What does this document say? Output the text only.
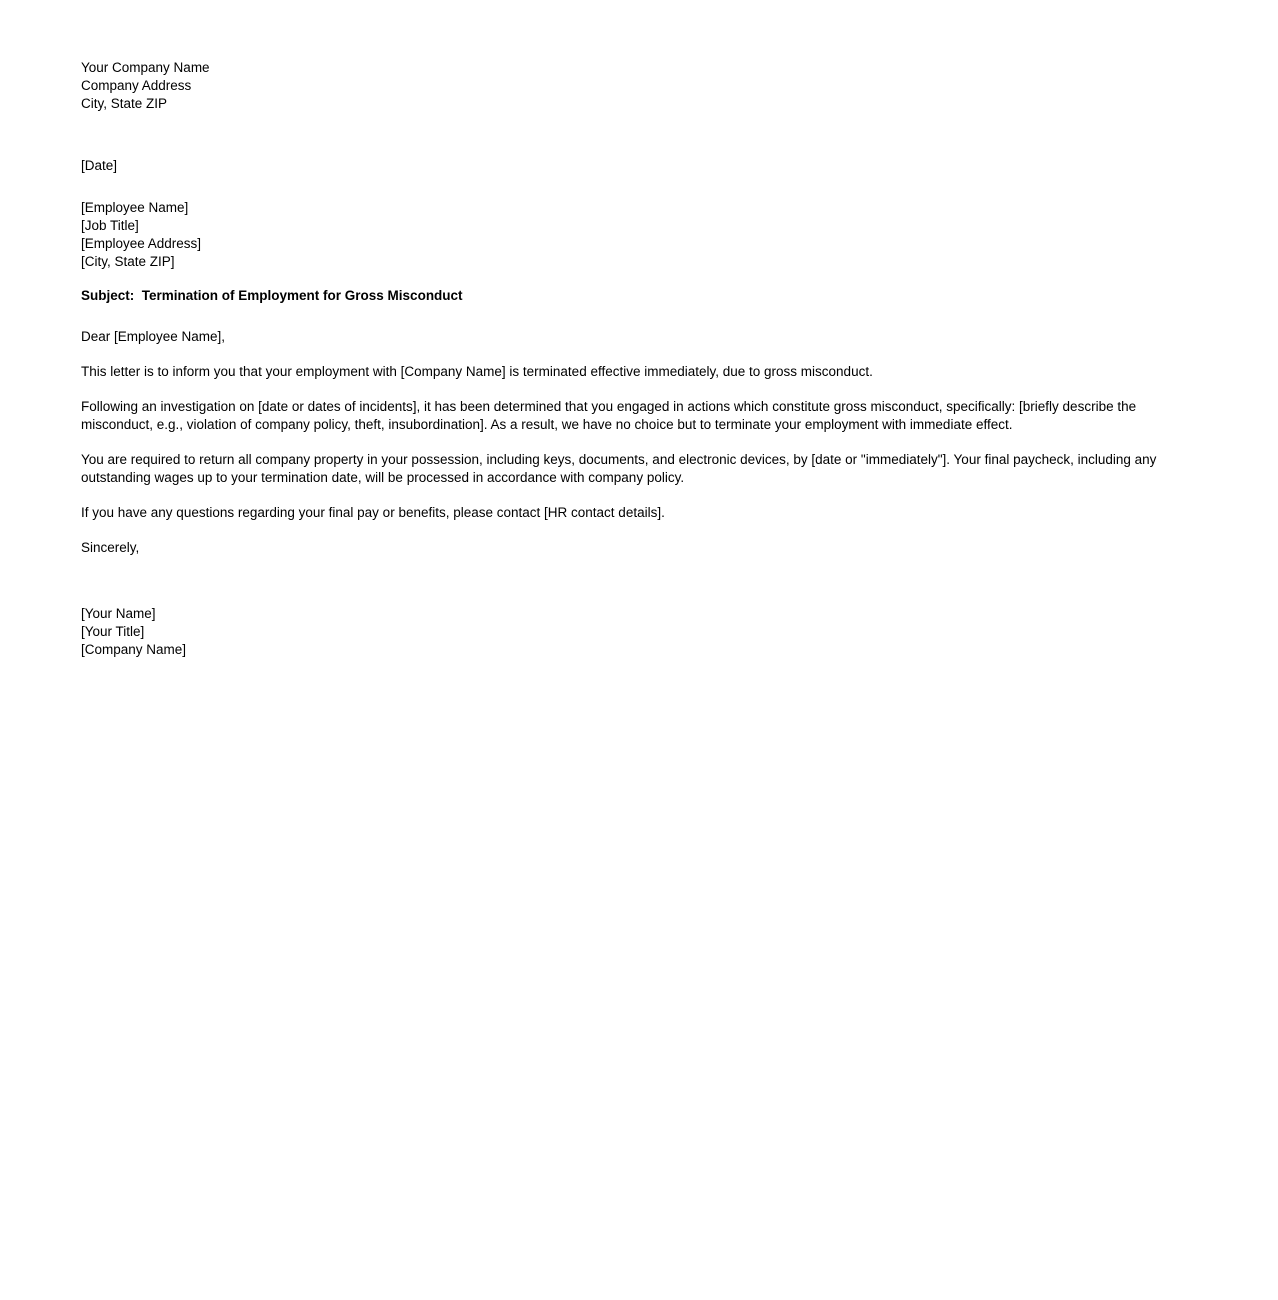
Your Company Name
Company Address
City, State ZIP
[Date]
[Employee Name]
[Job Title]
[Employee Address]
[City, State ZIP]
Subject: Termination of Employment for Gross Misconduct
Dear [Employee Name],
This letter is to inform you that your employment with [Company Name] is terminated effective immediately, due to gross misconduct.
Following an investigation on [date or dates of incidents], it has been determined that you engaged in actions which constitute gross misconduct, specifically: [briefly describe the misconduct, e.g., violation of company policy, theft, insubordination]. As a result, we have no choice but to terminate your employment with immediate effect.
You are required to return all company property in your possession, including keys, documents, and electronic devices, by [date or "immediately"]. Your final paycheck, including any outstanding wages up to your termination date, will be processed in accordance with company policy.
If you have any questions regarding your final pay or benefits, please contact [HR contact details].
Sincerely,
[Your Name]
[Your Title]
[Company Name]
